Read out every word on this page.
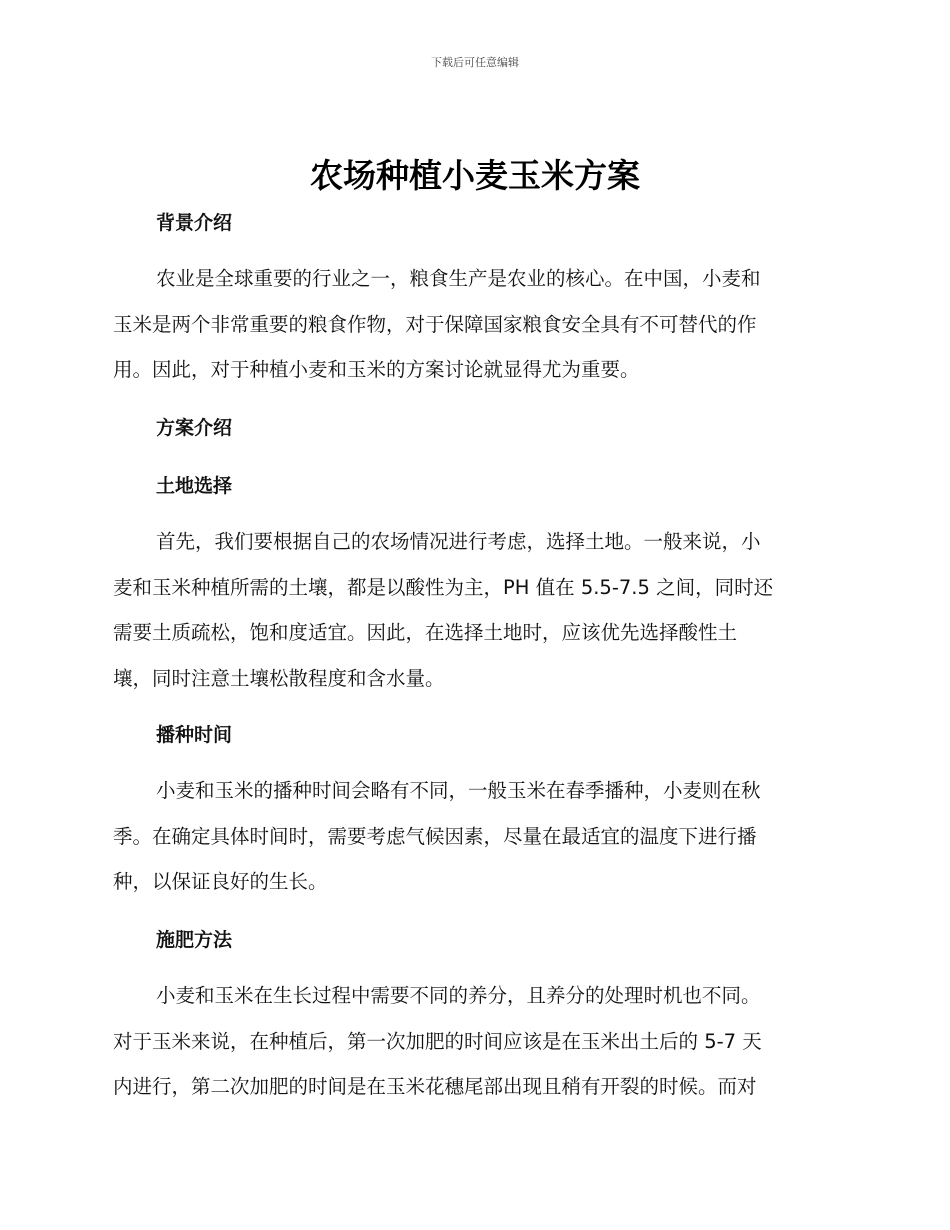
下载后可任意编辑
农场种植小麦玉米方案
背景介绍
农业是全球重要的行业之一，粮食生产是农业的核心。在中国，小麦和
玉米是两个非常重要的粮食作物，对于保障国家粮食安全具有不可替代的作
用。因此，对于种植小麦和玉米的方案讨论就显得尤为重要。
方案介绍
土地选择
首先，我们要根据自己的农场情况进行考虑，选择土地。一般来说，小
麦和玉米种植所需的土壤，都是以酸性为主，PH 值在 5.5-7.5 之间，同时还
需要土质疏松，饱和度适宜。因此，在选择土地时，应该优先选择酸性土
壤，同时注意土壤松散程度和含水量。
播种时间
小麦和玉米的播种时间会略有不同，一般玉米在春季播种，小麦则在秋
季。在确定具体时间时，需要考虑气候因素，尽量在最适宜的温度下进行播
种，以保证良好的生长。
施肥方法
小麦和玉米在生长过程中需要不同的养分，且养分的处理时机也不同。
对于玉米来说，在种植后，第一次加肥的时间应该是在玉米出土后的 5-7 天
内进行，第二次加肥的时间是在玉米花穗尾部出现且稍有开裂的时候。而对
